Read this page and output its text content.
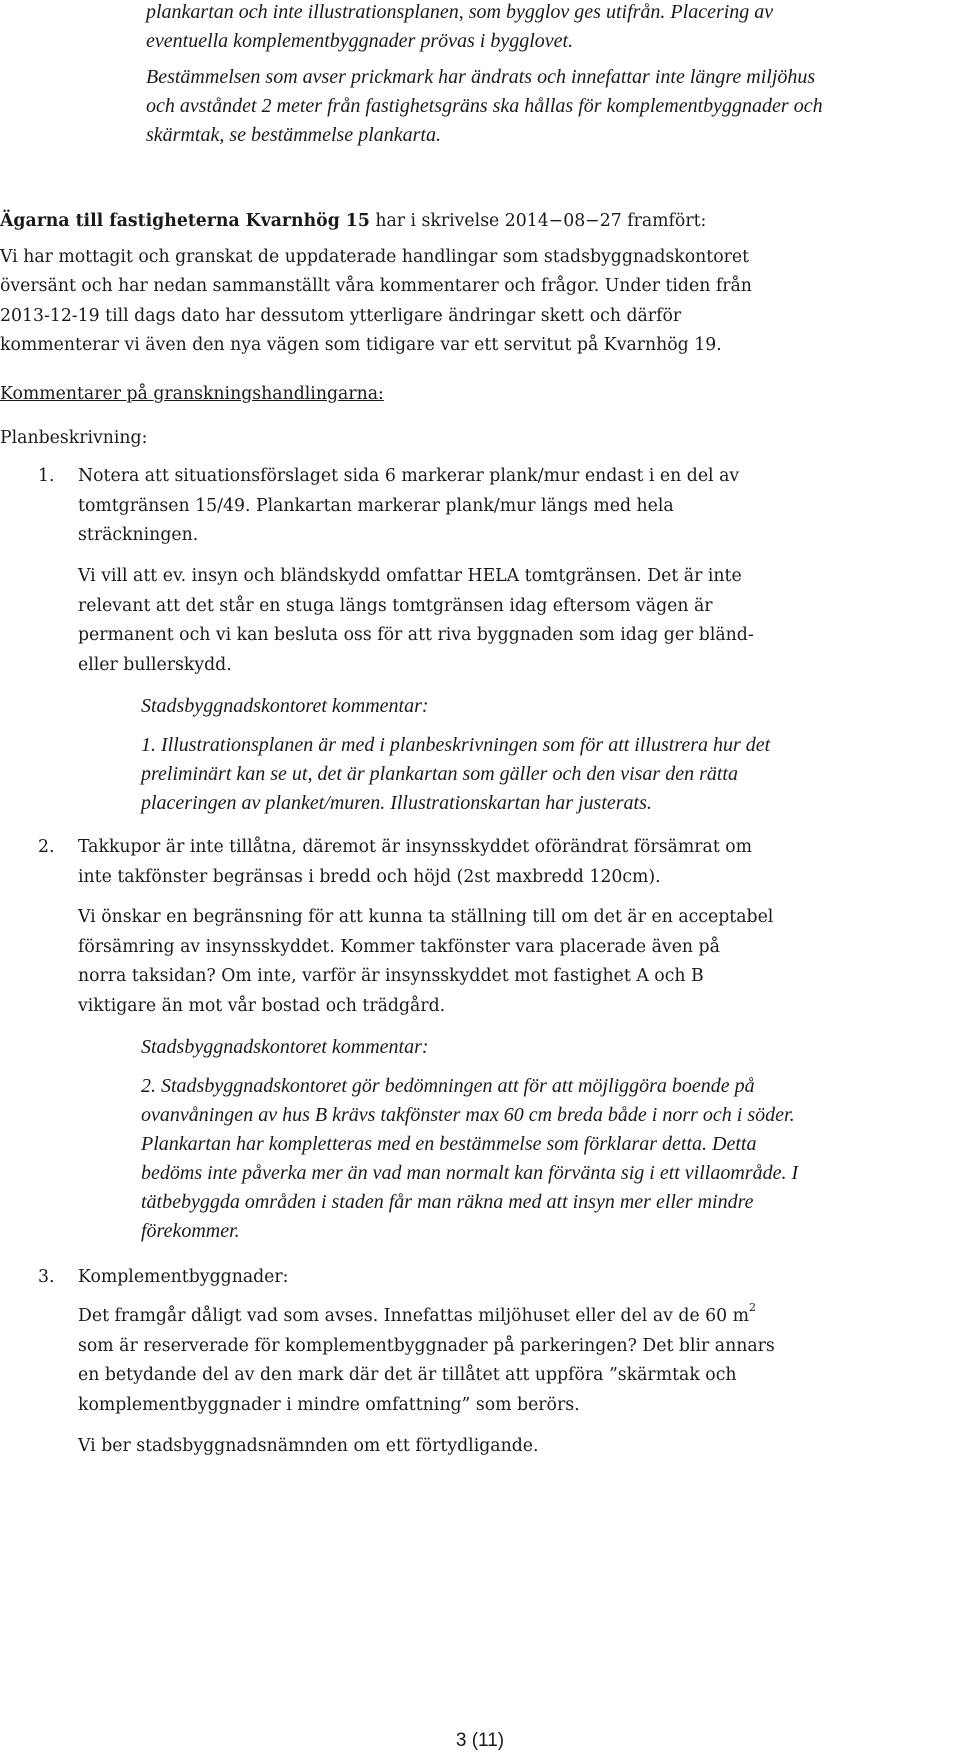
plankartan och inte illustrationsplanen, som bygglov ges utifrån. Placering av
eventuella komplementbyggnader prövas i bygglovet.
Bestämmelsen som avser prickmark har ändrats och innefattar inte längre miljöhus
och avståndet 2 meter från fastighetsgräns ska hållas för komplementbyggnader och
skärmtak, se bestämmelse plankarta.
Ägarna till fastigheterna Kvarnhög 15 har i skrivelse 2014−08−27 framfört:
Vi har mottagit och granskat de uppdaterade handlingar som stadsbyggnadskontoret
översänt och har nedan sammanställt våra kommentarer och frågor. Under tiden från
2013-12-19 till dags dato har dessutom ytterligare ändringar skett och därför
kommenterar vi även den nya vägen som tidigare var ett servitut på Kvarnhög 19.
Kommentarer på granskningshandlingarna:
Planbeskrivning:
1. Notera att situationsförslaget sida 6 markerar plank/mur endast i en del av
tomtgränsen 15/49. Plankartan markerar plank/mur längs med hela
sträckningen.
Vi vill att ev. insyn och bländskydd omfattar HELA tomtgränsen. Det är inte
relevant att det står en stuga längs tomtgränsen idag eftersom vägen är
permanent och vi kan besluta oss för att riva byggnaden som idag ger bländ-
eller bullerskydd.
Stadsbyggnadskontoret kommentar:
1. Illustrationsplanen är med i planbeskrivningen som för att illustrera hur det
preliminärt kan se ut, det är plankartan som gäller och den visar den rätta
placeringen av planket/muren. Illustrationskartan har justerats.
2. Takkupor är inte tillåtna, däremot är insynsskyddet oförändrat försämrat om
inte takfönster begränsas i bredd och höjd (2st maxbredd 120cm).
Vi önskar en begränsning för att kunna ta ställning till om det är en acceptabel
försämring av insynsskyddet. Kommer takfönster vara placerade även på
norra taksidan? Om inte, varför är insynsskyddet mot fastighet A och B
viktigare än mot vår bostad och trädgård.
Stadsbyggnadskontoret kommentar:
2. Stadsbyggnadskontoret gör bedömningen att för att möjliggöra boende på
ovanvåningen av hus B krävs takfönster max 60 cm breda både i norr och i söder.
Plankartan har kompletteras med en bestämmelse som förklarar detta. Detta
bedöms inte påverka mer än vad man normalt kan förvänta sig i ett villaområde. I
tätbebyggda områden i staden får man räkna med att insyn mer eller mindre
förekommer.
3. Komplementbyggnader:
Det framgår dåligt vad som avses. Innefattas miljöhuset eller del av de 60 $m^2$
som är reserverade för komplementbyggnader på parkeringen? Det blir annars
en betydande del av den mark där det är tillåtet att uppföra ”skärmtak och
komplementbyggnader i mindre omfattning” som berörs.
Vi ber stadsbyggnadsnämnden om ett förtydligande.
3 (11)
